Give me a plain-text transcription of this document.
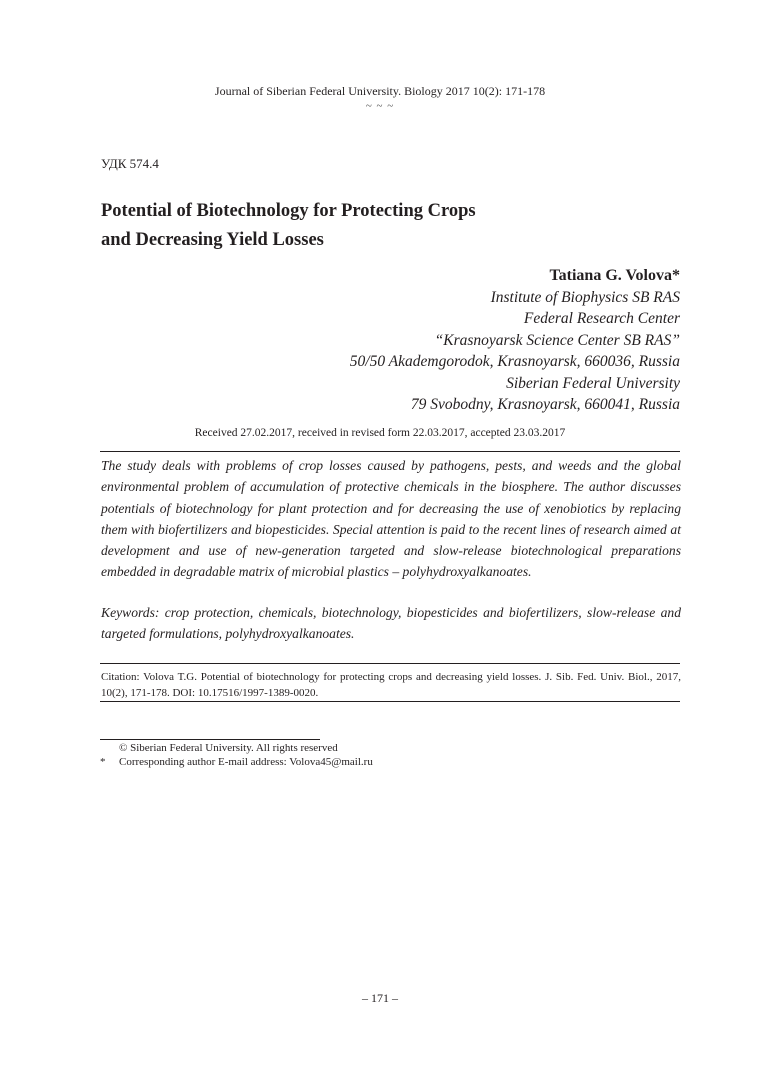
Journal of Siberian Federal University. Biology 2017 10(2): 171-178
~ ~ ~
УДК 574.4
Potential of Biotechnology for Protecting Crops
and Decreasing Yield Losses
Tatiana G. Volova*
Institute of Biophysics SB RAS
Federal Research Center
“Krasnoyarsk Science Center SB RAS”
50/50 Akademgorodok, Krasnoyarsk, 660036, Russia
Siberian Federal University
79 Svobodny, Krasnoyarsk, 660041, Russia
Received 27.02.2017, received in revised form 22.03.2017, accepted 23.03.2017
The study deals with problems of crop losses caused by pathogens, pests, and weeds and the global environmental problem of accumulation of protective chemicals in the biosphere. The author discusses potentials of biotechnology for plant protection and for decreasing the use of xenobiotics by replacing them with biofertilizers and biopesticides. Special attention is paid to the recent lines of research aimed at development and use of new-generation targeted and slow-release biotechnological preparations embedded in degradable matrix of microbial plastics – polyhydroxyalkanoates.
Keywords: crop protection, chemicals, biotechnology, biopesticides and biofertilizers, slow-release and targeted formulations, polyhydroxyalkanoates.
Citation: Volova T.G. Potential of biotechnology for protecting crops and decreasing yield losses. J. Sib. Fed. Univ. Biol., 2017, 10(2), 171-178. DOI: 10.17516/1997-1389-0020.
© Siberian Federal University. All rights reserved
* Corresponding author E-mail address: Volova45@mail.ru
– 171 –
